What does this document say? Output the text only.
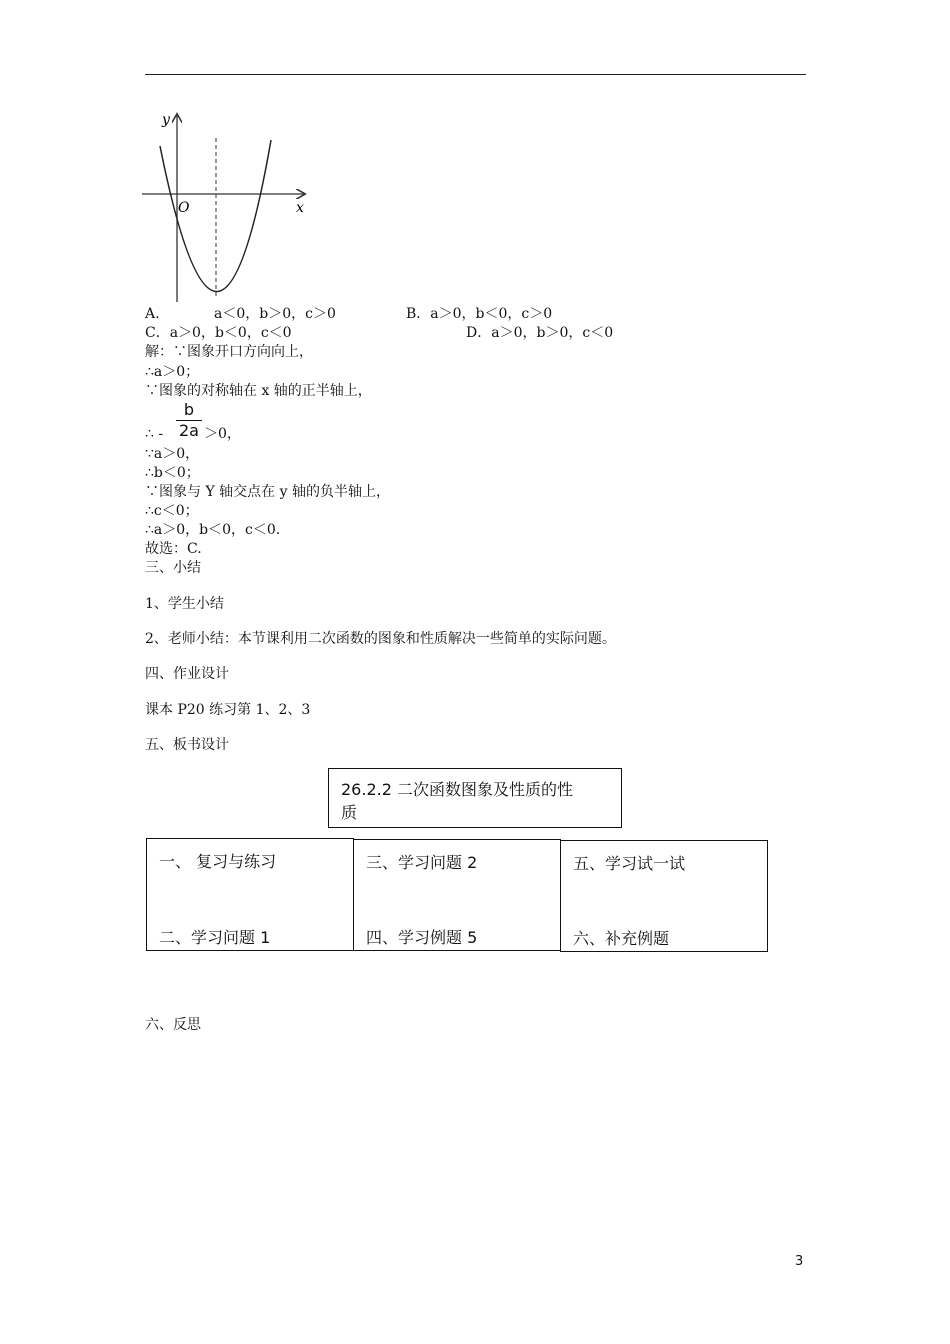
y
x
O
A.	a＜0，b＞0，c＞0	B．a＞0，b＜0，c＞0
C．a＞0，b＜0，c＜0	D．a＞0，b＞0，c＜0
解：∵图象开口方向向上，
∴a＞0；
∵图象的对称轴在 x 轴的正半轴上，
b
2a
∴ -	＞0，
∵a＞0，
∴b＜0；
∵图象与 Y 轴交点在 y 轴的负半轴上，
∴c＜0；
∴a＞0，b＜0，c＜0.
故选：C.
三、小结
1、学生小结
2、老师小结：本节课利用二次函数的图象和性质解决一些简单的实际问题。
四、作业设计
课本 P20 练习第 1、2、3
五、板书设计
26.2.2 二次函数图象及性质的性
质
一、 复习与练习
二、学习问题 1
三、学习问题 2
四、学习例题 5
五、学习试一试
六、补充例题
六、反思
3
